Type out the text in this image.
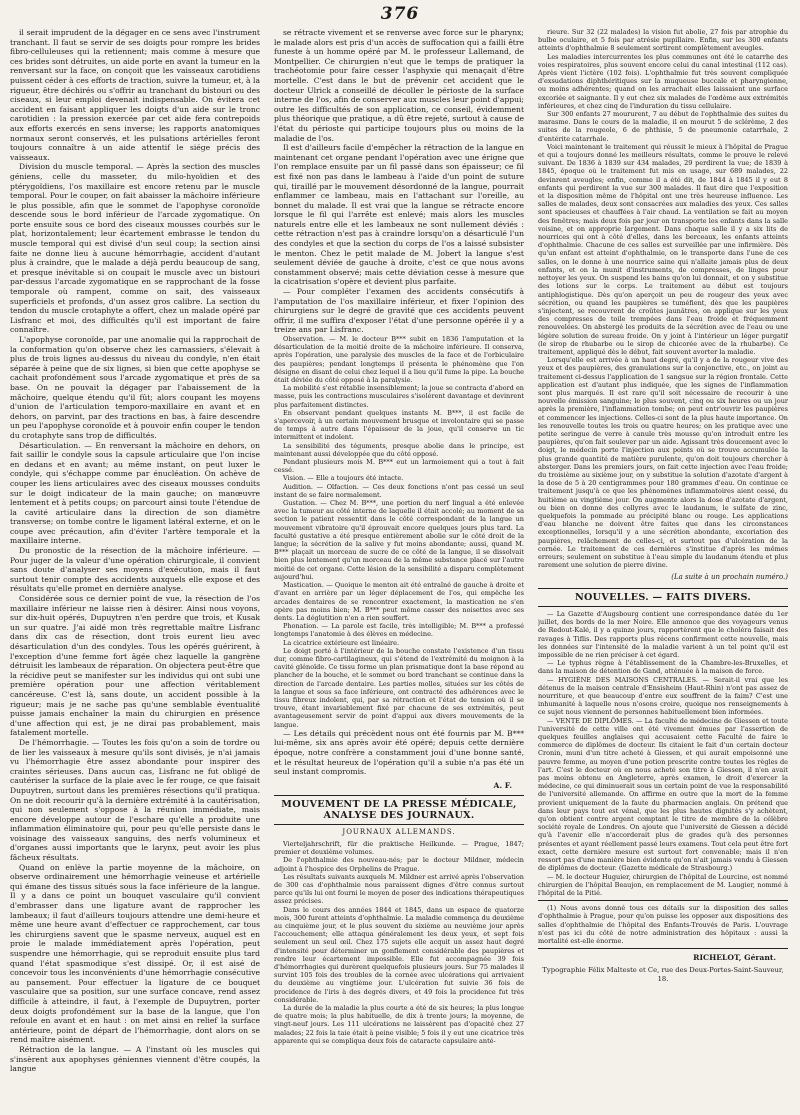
376

il serait imprudent de la dégager en ce sens avec l'instrument tranchant. Il faut se servir de ses doigts pour rompre les brides fibro-celluleuses qui la retiennent; mais comme à mesure que ces brides sont détruites, un aide porte en avant la tumeur en la renversant sur la face, on conçoit que les vaisseaux carotidiens puissent céder à ces efforts de traction, suivre la tumeur, et, à la rigueur, être déchirés ou s'offrir au tranchant du bistouri ou des ciseaux, si leur emploi devenait indispensable. On évitera cet accident en faisant appliquer les doigts d'un aide sur le tronc carotidien : la pression exercée par cet aide fera contrepoids aux efforts exercés en sens inverse; les rapports anatomiques normaux seront conservés, et les pulsations artérielles feront toujours connaître à un aide attentif le siége précis des vaisseaux.

Division du muscle temporal. — Après la section des muscles géniens, celle du masseter, du milo-hyoïdien et des ptérygoïdiens, l'os maxillaire est encore retenu par le muscle temporal. Pour le couper, on fait abaisser la mâchoire inférieure le plus possible, afin que le sommet de l'apophyse coronoïde descende sous le bord inférieur de l'arcade zygomatique. On porte ensuite sous ce bord des ciseaux mousses courbés sur le plat, horizontalement; leur écartement embrasse le tendon du muscle temporal qui est divisé d'un seul coup; la section ainsi faite ne donne lieu à aucune hémorrhagie, accident d'autant plus à craindre, que le malade a déjà perdu beaucoup de sang, et presque inévitable si on coupait le muscle avec un bistouri par-dessus l'arcade zygomatique en se rapprochant de la fosse temporale où rampent, comme on sait, des vaisseaux superficiels et profonds, d'un assez gros calibre. La section du tendon du muscle crotaphyte a offert, chez un malade opéré par Lisfranc et moi, des difficultés qu'il est important de faire connaître.

L'apophyse coronoïde, par une anomalie qui la rapprochait de la conformation qu'on observe chez les carnassiers, s'élevait à plus de trois lignes au-dessus du niveau du condyle, n'en était séparée à peine que de six lignes, si bien que cette apophyse se cachait profondément sous l'arcade zygomatique et près de sa base. On ne pouvait la dégager par l'abaissement de la mâchoire, quelque étendu qu'il fût; alors coupant les moyens d'union de l'articulation temporo-maxillaire en avant et en dehors, on parvint, par des tractions en bas, à faire descendre un peu l'apophyse coronoïde et à pouvoir enfin couper le tendon du crotaphyte sans trop de difficultés.

Désarticulation. — En renversant la mâchoire en dehors, on fait saillir le condyle sous la capsule articulaire que l'on incise en dedans et en avant; au même instant, on peut luxer le condyle, qui s'échappe comme par énucléation. On achève de couper les liens articulaires avec des ciseaux mousses conduits sur le doigt indicateur de la main gauche; on manœuvre lentement et à petits coups; on parcourt ainsi toute l'étendue de la cavité articulaire dans la direction de son diamètre transverse; on tombe contre le ligament latéral externe, et on le coupe avec précaution, afin d'éviter l'artère temporale et la maxillaire interne.

Du pronostic de la résection de la mâchoire inférieure. — Pour juger de la valeur d'une opération chirurgicale, il convient sans doute d'analyser ses moyens d'exécution, mais il faut surtout tenir compte des accidents auxquels elle expose et des résultats qu'elle promet en dernière analyse.

Considérée sous ce dernier point de vue, la résection de l'os maxillaire inférieur ne laisse rien à désirer. Ainsi nous voyons, sur dix-huit opérés, Dupuytren n'en perdre que trois, et Kusak un sur quatre. J'ai aidé mon très regrettable maître Lisfranc dans dix cas de résection, dont trois eurent lieu avec désarticulation d'un des condyles. Tous les opérés guérirent, à l'exception d'une femme fort âgée chez laquelle la gangrène détruisit les lambeaux de réparation. On objectera peut-être que la récidive peut se manifester sur les individus qui ont subi une première opération pour une affection véritablement cancéreuse. C'est là, sans doute, un accident possible à la rigueur; mais je ne sache pas qu'une semblable éventualité puisse jamais enchaîner la main du chirurgien en présence d'une affection qui est, je ne dirai pas probablement, mais fatalement mortelle.

De l'hémorrhagie. — Toutes les fois qu'on a soin de tordre ou de lier les vaisseaux à mesure qu'ils sont divisés, je n'ai jamais vu l'hémorrhagie être assez abondante pour inspirer des craintes sérieuses. Dans aucun cas, Lisfranc ne fut obligé de cautériser la surface de la plaie avec le fer rouge, ce que faisait Dupuytren, surtout dans les premières résections qu'il pratiqua. On ne doit recourir qu'à la dernière extrémité à la cautérisation, qui non seulement s'oppose à la réunion immédiate, mais encore développe autour de l'eschare qu'elle a produite une inflammation éliminatoire qui, pour peu qu'elle persiste dans le voisinage des vaisseaux sanguins, des nerfs volumineux et d'organes aussi importants que le larynx, peut avoir les plus fâcheux résultats.

Quand on enlève la partie moyenne de la mâchoire, on observe ordinairement une hémorrhagie veineuse et artérielle qui émane des tissus situés sous la face inférieure de la langue. Il y a dans ce point un bouquet vasculaire qu'il convient d'embrasser dans une ligature avant de rapprocher les lambeaux; il faut d'ailleurs toujours attendre une demi-heure et même une heure avant d'effectuer ce rapprochement, car tous les chirurgiens savent que le spasme nerveux, auquel est en proie le malade immédiatement après l'opération, peut suspendre une hémorrhagie, qui se reproduit ensuite plus tard quand l'état spasmodique s'est dissipé. Or, il est aisé de concevoir tous les inconvénients d'une hémorrhagie consécutive au pansement. Pour effectuer la ligature de ce bouquet vasculaire que sa position, sur une surface concave, rend assez difficile à atteindre, il faut, à l'exemple de Dupuytren, porter deux doigts profondément sur la base de la langue, que l'on refoule en avant et en haut : on met ainsi en relief la surface antérieure, point de départ de l'hémorrhagie, dont alors on se rend maître aisément.

Rétraction de la langue. — A l'instant où les muscles qui s'insèrent aux apophyses géniennes viennent d'être coupés, la langue

se rétracte vivement et se renverse avec force sur le pharynx; le malade alors est pris d'un accès de suffocation qui a failli être funeste à un homme opéré par M. le professeur Lallemand, de Montpellier. Ce chirurgien n'eut que le temps de pratiquer la trachéotomie pour faire cesser l'asphyxie qui menaçait d'être mortelle. C'est dans le but de prévenir cet accident que le docteur Ulrick a conseillé de décoller le périoste de la surface interne de l'os, afin de conserver aux muscles leur point d'appui; outre les difficultés de son application, ce conseil, évidemment plus théorique que pratique, a dû être rejeté, surtout à cause de l'état du périoste qui participe toujours plus ou moins de la maladie de l'os.

Il est d'ailleurs facile d'empêcher la rétraction de la langue en maintenant cet organe pendant l'opération avec une érigne que l'on remplace ensuite par un fil passé dans son épaisseur; ce fil est fixé non pas dans le lambeau à l'aide d'un point de suture qui, tiraillé par le mouvement désordonné de la langue, pourrait enflammer ce lambeau, mais en l'attachant sur l'oreille, au bonnet du malade. Il est vrai que la langue se rétracte encore lorsque le fil qui l'arrête est enlevé; mais alors les muscles naturels entre elle et les lambeaux ne sont nullement déviés : cette rétraction n'est pas à craindre lorsqu'on a désarticulé l'un des condyles et que la section du corps de l'os a laissé subsister le menton. Chez le petit malade de M. Jobert la langue s'est seulement déviée de gauche à droite, c'est ce que nous avons constamment observé; mais cette déviation cesse à mesure que la cicatrisation s'opère et devient plus parfaite.

— Pour compléter l'examen des accidents consécutifs à l'amputation de l'os maxillaire inférieur, et fixer l'opinion des chirurgiens sur le degré de gravité que ces accidents peuvent offrir, il me suffira d'exposer l'état d'une personne opérée il y a treize ans par Lisfranc.

Observation. — M. le docteur B*** subit en 1836 l'amputation et la désarticulation de la moitié droite de la mâchoire inférieure. Il conserva, après l'opération, une paralysie des muscles de la face et de l'orbiculaire des paupières; pendant longtemps il présenta le phénomène que l'on désigne en disant de celui chez lequel il a lieu qu'il fume la pipe. La bouche était déviée du côté opposé à la paralysie.

La mobilité s'est rétablie insensiblement; la joue se contracta d'abord en masse, puis les contractions musculaires s'isolèrent davantage et devinrent plus parfaitement distinctes.

En observant pendant quelques instants M. B***, il est facile de s'apercevoir, à un certain mouvement brusque et involontaire qui se passe de temps à autre dans l'épaisseur de la joue, qu'il conserve un tic intermittent et indolent.

La sensibilité des téguments, presque abolie dans le principe, est maintenant aussi développée que du côté opposé.

Pendant plusieurs mois M. B*** eut un larmoiement qui a tout à fait cessé.

Vision. — Elle a toujours été intacte.

Audition. — Olfaction. — Ces deux fonctions n'ont pas cessé un seul instant de se faire normalement.

Gustation. — Chez M. B***, une portion du nerf lingual a été enlevée avec la tumeur au côté interne de laquelle il était accolé; au moment de sa section le patient ressentit dans le côté correspondant de la langue un mouvement vibratoire qu'il éprouvait encore quelques jours plus tard. La faculté gustative a été presque entièrement abolie sur le côté droit de la langue; la sécrétion de la salive y fut moins abondante; aussi, quand M. B*** plaçait un morceau de sucre de ce côté de la langue, il se dissolvait bien plus lentement qu'un morceau de la même substance placé sur l'autre moitié de cet organe. Cette lésion de la sensibilité a disparu complètement aujourd'hui.

Mastication. — Quoique le menton ait été entraîné de gauche à droite et d'avant en arrière par un léger déplacement de l'os, qui empêche les arcades dentaires de se rencontrer exactement, la mastication ne s'en opère pas moins bien; M. B*** peut même casser des noisettes avec ses dents. La déglutition n'en a rien souffert.

Phonation. — La parole est facile, très intelligible; M. B*** a professé longtemps l'anatomie à des élèves en médecine.

La cicatrice extérieure est linéaire.

Le doigt porté à l'intérieur de la bouche constate l'existence d'un tissu dur, comme fibro-cartilagineux, qui s'étend de l'extrémité du moignon à la cavité glénoïde. Ce tissu forme un plan prismatique dont la base répond au plancher de la bouche, et le sommet ou bord tranchant se continue dans la direction de l'arcade dentaire. Les parties molles, situées sur les côtés de la langue et sous sa face inférieure, ont contracté des adhérences avec le tissu fibreux indolent, qui, par sa rétraction et l'état de tension où il se trouve, étant invariablement fixé par chacune de ses extrémités, peut avantageusement servir de point d'appui aux divers mouvements de la langue.

— Les détails qui précèdent nous ont été fournis par M. B*** lui-même, six ans après avoir été opéré; depuis cette dernière époque, notre confrère a constamment joui d'une bonne santé, et le résultat heureux de l'opération qu'il a subie n'a pas été un seul instant compromis.

A. F.
MOUVEMENT DE LA PRESSE MÉDICALE, ANALYSE DES JOURNAUX.
JOURNAUX ALLEMANDS.

Vierteljahrschrift, für die praktische Heilkunde. — Prague, 1847; premier et deuxième volumes.

De l'ophthalmie des nouveau-nés; par le docteur Mildner, médecin adjoint à l'hospice des Orphelins de Prague.

Les résultats suivants auxquels M. Mildner est arrivé après l'observation de 300 cas d'ophthalmie nous paraissent dignes d'être connus surtout parce qu'ils lui ont fourni le moyen de poser des indications thérapeutiques assez précises.

Dans le cours des années 1844 et 1845, dans un espace de quatorze mois, 300 furent atteints d'ophthalmie. La maladie commença du deuxième au cinquième jour, et le plus souvent du sixième au neuvième jour après l'accouchement; elle attaqua généralement les deux yeux, et sept fois seulement un seul œil. Chez 175 sujets elle acquit un assez haut degré d'intensité pour déterminer un gonflement considérable des paupières et rendre leur écartement impossible. Elle fut accompagnée 39 fois d'hémorrhagies qui durèrent quelquefois plusieurs jours. Sur 75 malades il survint 105 fois des troubles de la cornée avec ulcérations qui arrivaient du deuxième au vingtième jour. L'ulcération fut suivie 36 fois de procidence de l'iris à des degrés divers, et 49 fois la procidence fut très considérable.

La durée de la maladie la plus courte a été de six heures; la plus longue de quatre mois; la plus habituelle, de dix à trente jours; la moyenne, de vingt-neuf jours. Les 111 ulcérations ne laissèrent pas d'opacité chez 27 malades; 22 fois la taie était à peine visible; 5 fois il y eut une cicatrice très apparente qui se compliqua deux fois de cataracte capsulaire anté-

rieure. Sur 32 (22 malades) la vision fut abolie, 27 fois par atrophie du bulbe oculaire, et 5 fois par atrésie pupillaire. Enfin, sur les 300 enfants atteints d'ophthalmie 8 seulement sortirent complètement aveugles.

Les maladies intercurrentes les plus communes ont été le catarrhe des voies respiratoires, plus souvent encore celui du canal intestinal (112 cas). Après vient l'ictère (102 fois). L'ophthalmie fut très souvent compliquée d'exsudations diphthéritiques sur la muqueuse buccale et pharyngienne, ou moins adhérentes; quand on les arrachait elles laissaient une surface excoriée et saignante. Il y eut chez six malades de l'œdème aux extrémités inférieures, et chez cinq de l'induration du tissu cellulaire.

Sur 300 enfants 27 moururent, 7 au début de l'ophthalmie des suites du marasme. Dans le cours de la maladie, il en mourut 5 de sclérème, 2 des suites de la rougeole, 6 de phthisie, 5 de pneumonie catarrhale, 2 d'entérite catarrhale.

Voici maintenant le traitement qui réussit le mieux à l'hôpital de Prague et qui a toujours donné les meilleurs résultats, comme le prouve le relevé suivant. De 1836 à 1839 sur 434 malades, 29 perdirent la vue; de 1839 à 1845, époque où le traitement fut mis en usage, sur 689 malades, 22 devinrent aveugles; enfin, comme il a été dit, de 1844 à 1845 il y eut 8 enfants qui perdirent la vue sur 300 malades. Il faut dire que l'exposition et la disposition même de l'hôpital ont une très heureuse influence. Les salles de malades, deux sont consacrées aux maladies des yeux. Ces salles sont spacieuses et chauffées à l'air chaud. La ventilation se fait au moyen des fenêtres; mais deux fois par jour on transporte les enfants dans la salle voisine, et on approprie largement. Dans chaque salle il y a six lits de nourrices qui ont à côté d'elles, dans les berceaux, les enfants atteints d'ophthalmie. Chacune de ces salles est surveillée par une infirmière. Dès qu'un enfant est atteint d'ophthalmie, on le transporte dans l'une de ces salles, on le donne à une nourrice saine qui n'allaite jamais plus de deux enfants, et on la munit d'instruments, de compresses, de linges pour nettoyer les yeux. On suspend les bains qu'on lui donnait, et on y substitue des lotions sur le corps. Le traitement au début est toujours antiphlogistique. Dès qu'on aperçoit un peu de rougeur des yeux avec sécrétion, ou quand les paupières se tuméfient, dès que les paupières s'injectent, se recouvrent de croûtes jaunâtres, on applique sur les yeux des compresses de toile trempées dans l'eau froide et fréquemment renouvelées. On abstergé les produits de la sécrétion avec de l'eau ou une légère solution de sureau froide. On y joint à l'intérieur un léger purgatif (le sirop de rhubarbe ou le sirop de chicorée avec de la rhubarbe). Ce traitement, appliqué dès le début, fait souvent avorter la maladie.

Lorsqu'elle est arrivée à un haut degré, qu'il y a de la rougeur vive des yeux et des paupières, des granulations sur la conjonctive, etc., on joint au traitement ci-dessus l'application de 1 sangsue sur la région frontale. Cette application est d'autant plus indiquée, que les signes de l'inflammation sont plus marqués. Il est rare qu'il soit nécessaire de recourir à une nouvelle émission sanguine; le plus souvent, cinq ou six heures ou un jour après la première, l'inflammation tombe; on peut entr'ouvrir les paupières et commencer les injections. Celles-ci sont de la plus haute importance. On les renouvelle toutes les trois ou quatre heures; on les pratique avec une petite seringue de verre à canule très mousse qu'on introduit entre les paupières, qu'on fait soulever par un aide. Agissant très doucement avec le doigt, le médecin porte l'injection aux points où se trouve accumulée la plus grande quantité de matière purulente, qu'on doit toujours chercher à absterger. Dans les premiers jours, on fait cette injection avec l'eau froide; du troisième au sixième jour, on y substitue la solution d'azotate d'argent à la dose de 5 à 20 centigrammes pour 180 grammes d'eau. On continue ce traitement jusqu'à ce que les phénomènes inflammatoires aient cessé, du huitième au vingtième jour. On augmente alors la dose d'azotate d'argent, ou bien on donne des collyres avec le laudanum, le sulfate de zinc, quelquefois la pommade au précipité blanc ou rouge. Les applications d'eau blanche ne doivent être faites que dans les circonstances exceptionnelles, lorsqu'il y a une sécrétion abondante, excoriation des paupières, relâchement de celles-ci, et surtout pas d'ulcération de la cornée. Le traitement de ces dernières s'institue d'après les mêmes erreurs; seulement on substitue à l'eau simple du laudanum étendu et plus rarement une solution de pierre divine.

(La suite à un prochain numéro.)
NOUVELLES. — FAITS DIVERS.

— La Gazette d'Augsbourg contient une correspondance datée du 1er juillet, des bords de la mer Noire. Elle annonce que des voyageurs venus de Redout-Kalé, il y a quinze jours, rapportèrent que le choléra faisait des ravages à Tiflis. Des rapports plus récens confirment cette nouvelle, mais les données sur l'intensité de la maladie varient à un tel point qu'il est impossible de ne rien préciser à cet égard.

— Le typhus règne à l'établissement de la Chambre-les-Bruxelles, et dans la maison de détention de Gand, atténuée à la maison de force.

— HYGIÈNE DES MAISONS CENTRALES. — Serait-il vrai que les détenus de la maison centrale d'Ensisheim (Haut-Rhin) n'ont pas assez de nourriture, et que beaucoup d'entre eux souffrent de la faim? C'est une inhumanité à laquelle nous n'osons croire, quoique nos renseignements à ce sujet nous viennent de personnes habituellement bien informées.

— VENTE DE DIPLÔMES. — La faculté de médecine de Giessen et toute l'université de cette ville ont été vivement émues par l'assertion de quelques feuilles anglaises qui accusaient cette Faculté de faire le commerce de diplômes de docteur. Ils citaient le fait d'un certain docteur Cronin, muni d'un titre acheté à Giessen, et qui aurait empoisonné une pauvre femme, au moyen d'une potion prescrite contre toutes les règles de l'art. C'est le docteur où en nous acheté son titre à Giessen, il n'en avait pas moins obtenu en Angleterre, après examen, le droit d'exercer la médecine, ce qui diminuerait sous un certain point de vue la responsabilité de l'université allemande. On affirme en outre que la mort de la femme provient uniquement de la faute du pharmacien anglais. On prétend que dans leur pays tout est vénal, que les plus hautes dignités s'y achètent, qu'on obtient contre argent comptant le titre de membre de la célèbre société royale de Londres. On ajoute que l'université de Giessen a décidé qu'à l'avenir elle n'accorderait plus de grades qu'à des personnes présentes et ayant réellement passé leurs examens. Tout cela peut être fort exact, cette dernière mesure est surtout fort convenable; mais il n'en ressort pas d'une manière bien évidente qu'on n'ait jamais vendu à Giessen de diplômes de docteur. (Gazette médicale de Strasbourg.)

— M. le docteur Huguier, chirurgien de l'hôpital de Lourcine, est nommé chirurgien de l'hôpital Beaujon, en remplacement de M. Laugier, nommé à l'hôpital de la Pitié.

(1) Nous avons donné tous ces détails sur la disposition des salles d'ophthalmie à Prague, pour qu'on puisse les opposer aux dispositions des salles d'ophthalmie de l'hôpital des Enfants-Trouvés de Paris. L'ouvrage n'est pas ici du côté de notre administration des hôpitaux : aussi la mortalité est-elle énorme.

RICHELOT, Gérant.
Typographie Félix Malteste et Ce, rue des Deux-Portes-Saint-Sauveur, 18.
